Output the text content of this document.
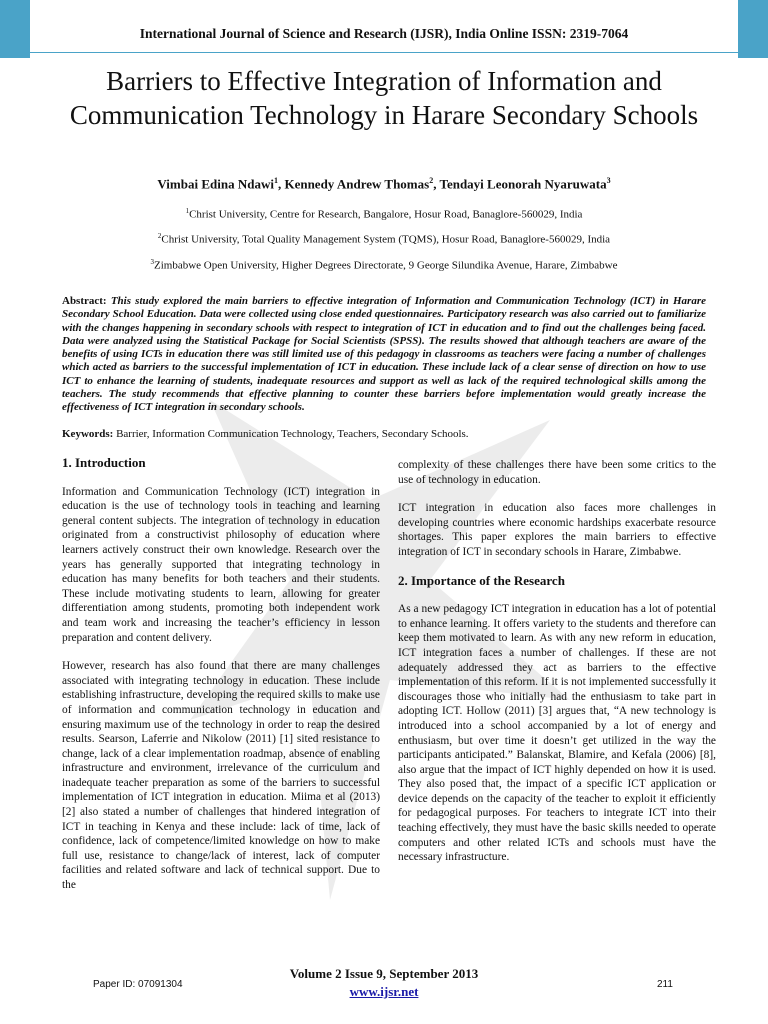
International Journal of Science and Research (IJSR), India Online ISSN: 2319-7064
Barriers to Effective Integration of Information and Communication Technology in Harare Secondary Schools
Vimbai Edina Ndawi$^1$, Kennedy Andrew Thomas$^2$, Tendayi Leonorah Nyaruwata$^3$
$^1$Christ University, Centre for Research, Bangalore, Hosur Road, Banaglore-560029, India
$^2$Christ University, Total Quality Management System (TQMS), Hosur Road, Banaglore-560029, India
$^3$Zimbabwe Open University, Higher Degrees Directorate, 9 George Silundika Avenue, Harare, Zimbabwe
Abstract: This study explored the main barriers to effective integration of Information and Communication Technology (ICT) in Harare Secondary School Education. Data were collected using close ended questionnaires. Participatory research was also carried out to familiarize with the changes happening in secondary schools with respect to integration of ICT in education and to find out the challenges being faced. Data were analyzed using the Statistical Package for Social Scientists (SPSS). The results showed that although teachers are aware of the benefits of using ICTs in education there was still limited use of this pedagogy in classrooms as teachers were facing a number of challenges which acted as barriers to the successful implementation of ICT in education. These include lack of a clear sense of direction on how to use ICT to enhance the learning of students, inadequate resources and support as well as lack of the required technological skills among the teachers. The study recommends that effective planning to counter these barriers before implementation would greatly increase the effectiveness of ICT integration in secondary schools.
Keywords: Barrier, Information Communication Technology, Teachers, Secondary Schools.
1. Introduction

Information and Communication Technology (ICT) integration in education is the use of technology tools in teaching and learning general content subjects. The integration of technology in education originated from a constructivist philosophy of education where learners actively construct their own knowledge. Research over the years has generally supported that integrating technology in education has many benefits for both teachers and their students. These include motivating students to learn, allowing for greater differentiation among students, promoting both independent work and team work and increasing the teacher’s efficiency in lesson preparation and content delivery.

However, research has also found that there are many challenges associated with integrating technology in education. These include establishing infrastructure, developing the required skills to make use of information and communication technology in education and ensuring maximum use of the technology in order to reap the desired results. Searson, Laferrie and Nikolow (2011) [1] sited resistance to change, lack of a clear implementation roadmap, absence of enabling infrastructure and environment, irrelevance of the curriculum and inadequate teacher preparation as some of the barriers to successful implementation of ICT integration in education. Miima et al (2013) [2] also stated a number of challenges that hindered integration of ICT in teaching in Kenya and these include: lack of time, lack of confidence, lack of competence/limited knowledge on how to make full use, resistance to change/lack of interest, lack of computer facilities and related software and lack of technical support. Due to the

complexity of these challenges there have been some critics to the use of technology in education.

ICT integration in education also faces more challenges in developing countries where economic hardships exacerbate resource shortages. This paper explores the main barriers to effective integration of ICT in secondary schools in Harare, Zimbabwe.

2. Importance of the Research

As a new pedagogy ICT integration in education has a lot of potential to enhance learning. It offers variety to the students and therefore can keep them motivated to learn. As with any new reform in education, ICT integration faces a number of challenges. If these are not adequately addressed they act as barriers to the effective implementation of this reform. If it is not implemented successfully it discourages those who initially had the enthusiasm to take part in adopting ICT. Hollow (2011) [3] argues that, “A new technology is introduced into a school accompanied by a lot of energy and enthusiasm, but over time it doesn’t get utilized in the way the participants anticipated.” Balanskat, Blamire, and Kefala (2006) [8], also argue that the impact of ICT highly depended on how it is used. They also posed that, the impact of a specific ICT application or device depends on the capacity of the teacher to exploit it efficiently for pedagogical purposes. For teachers to integrate ICT into their teaching effectively, they must have the basic skills needed to operate computers and other related ICTs and schools must have the necessary infrastructure.

Volume 2 Issue 9, September 2013
www.ijsr.net
Paper ID: 07091304	211
